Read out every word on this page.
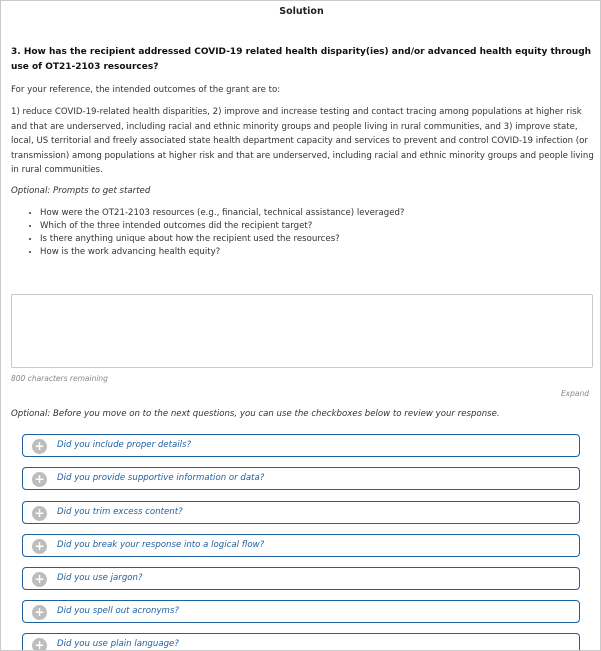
Solution
3. How has the recipient addressed COVID-19 related health disparity(ies) and/or advanced health equity through use of OT21-2103 resources?
For your reference, the intended outcomes of the grant are to:
1) reduce COVID-19-related health disparities, 2) improve and increase testing and contact tracing among populations at higher risk and that are underserved, including racial and ethnic minority groups and people living in rural communities, and 3) improve state, local, US territorial and freely associated state health department capacity and services to prevent and control COVID-19 infection (or transmission) among populations at higher risk and that are underserved, including racial and ethnic minority groups and people living in rural communities.
Optional: Prompts to get started
• How were the OT21-2103 resources (e.g., financial, technical assistance) leveraged?
• Which of the three intended outcomes did the recipient target?
• Is there anything unique about how the recipient used the resources?
• How is the work advancing health equity?
800 characters remaining
Expand
Optional: Before you move on to the next questions, you can use the checkboxes below to review your response.
+ Did you include proper details?
+ Did you provide supportive information or data?
+ Did you trim excess content?
+ Did you break your response into a logical flow?
+ Did you use jargon?
+ Did you spell out acronyms?
+ Did you use plain language?
